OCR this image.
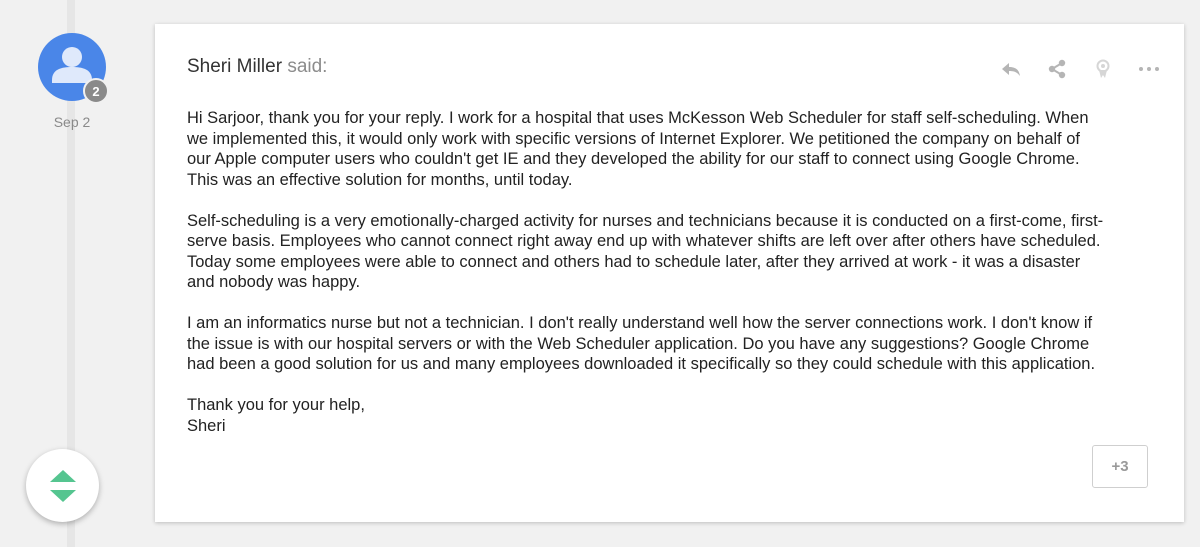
2
Sep 2
Sheri Miller said:

Hi Sarjoor, thank you for your reply. I work for a hospital that uses McKesson Web Scheduler for staff self-scheduling. When we implemented this, it would only work with specific versions of Internet Explorer. We petitioned the company on behalf of our Apple computer users who couldn't get IE and they developed the ability for our staff to connect using Google Chrome. This was an effective solution for months, until today.

Self-scheduling is a very emotionally-charged activity for nurses and technicians because it is conducted on a first-come, first-serve basis. Employees who cannot connect right away end up with whatever shifts are left over after others have scheduled. Today some employees were able to connect and others had to schedule later, after they arrived at work - it was a disaster and nobody was happy.

I am an informatics nurse but not a technician. I don't really understand well how the server connections work. I don't know if the issue is with our hospital servers or with the Web Scheduler application. Do you have any suggestions? Google Chrome had been a good solution for us and many employees downloaded it specifically so they could schedule with this application.

Thank you for your help,
Sheri

+3
